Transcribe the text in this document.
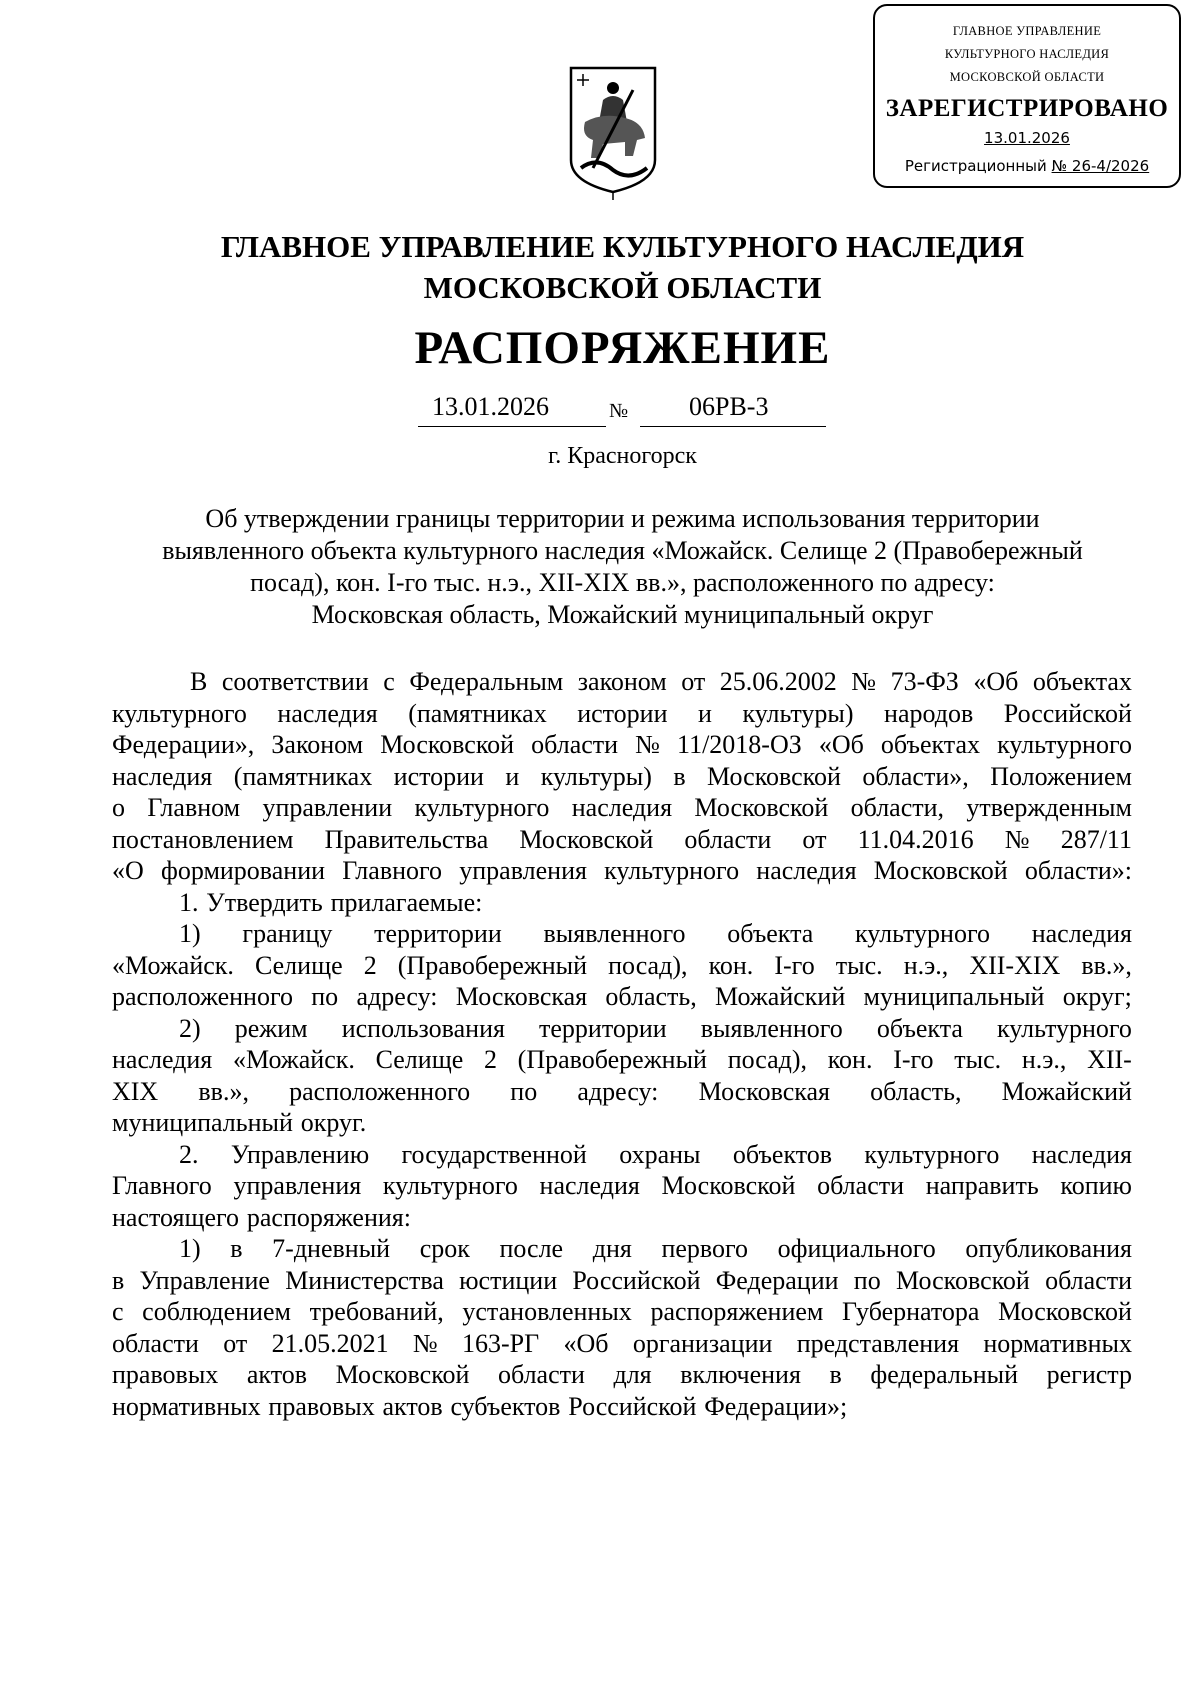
ГЛАВНОЕ УПРАВЛЕНИЕ
КУЛЬТУРНОГО НАСЛЕДИЯ
МОСКОВСКОЙ ОБЛАСТИ
ЗАРЕГИСТРИРОВАНО
13.01.2026
Регистрационный № 26-4/2026
ГЛАВНОЕ УПРАВЛЕНИЕ КУЛЬТУРНОГО НАСЛЕДИЯ
МОСКОВСКОЙ ОБЛАСТИ
РАСПОРЯЖЕНИЕ
13.01.2026	№ 06РВ-3
г. Красногорск
Об утверждении границы территории и режима использования территории
выявленного объекта культурного наследия «Можайск. Селище 2 (Правобережный
посад), кон. I-го тыс. н.э., XII-XIX вв.», расположенного по адресу:
Московская область, Можайский муниципальный округ
В соответствии с Федеральным законом от 25.06.2002 № 73-ФЗ «Об объектах
культурного наследия (памятниках истории и культуры) народов Российской
Федерации», Законом Московской области № 11/2018-ОЗ «Об объектах культурного
наследия (памятниках истории и культуры) в Московской области», Положением
о Главном управлении культурного наследия Московской области, утвержденным
постановлением Правительства Московской области от 11.04.2016 № 287/11
«О формировании Главного управления культурного наследия Московской области»:
1. Утвердить прилагаемые:
1) границу территории выявленного объекта культурного наследия
«Можайск. Селище 2 (Правобережный посад), кон. I-го тыс. н.э., XII-XIX вв.»,
расположенного по адресу: Московская область, Можайский муниципальный округ;
2) режим использования территории выявленного объекта культурного
наследия «Можайск. Селище 2 (Правобережный посад), кон. I-го тыс. н.э., XII-
XIX вв.», расположенного по адресу: Московская область, Можайский
муниципальный округ.
2. Управлению государственной охраны объектов культурного наследия
Главного управления культурного наследия Московской области направить копию
настоящего распоряжения:
1) в 7-дневный срок после дня первого официального опубликования
в Управление Министерства юстиции Российской Федерации по Московской области
с соблюдением требований, установленных распоряжением Губернатора Московской
области от 21.05.2021 № 163-РГ «Об организации представления нормативных
правовых актов Московской области для включения в федеральный регистр
нормативных правовых актов субъектов Российской Федерации»;
